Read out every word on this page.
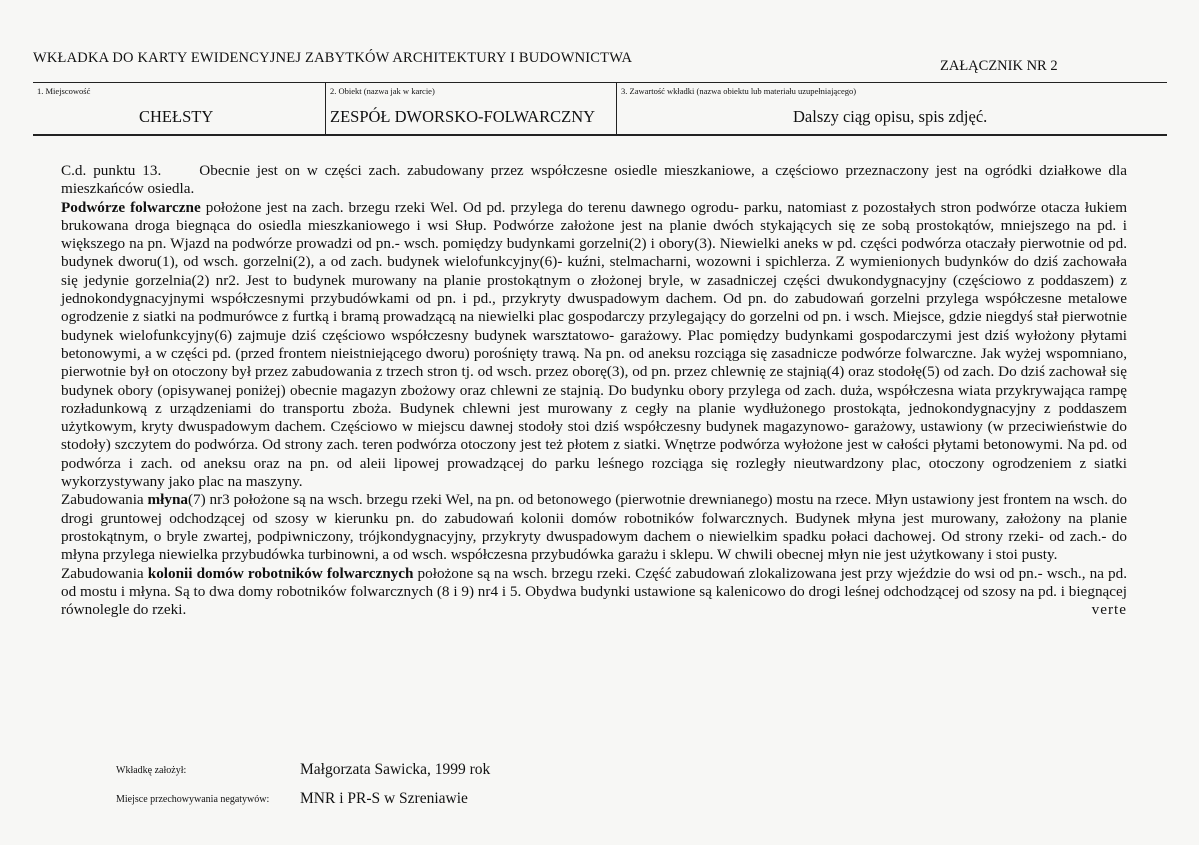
WKŁADKA DO KARTY EWIDENCYJNEJ ZABYTKÓW ARCHITEKTURY I BUDOWNICTWA	ZAŁĄCZNIK NR 2
1. Miejscowość
CHEŁSTY
2. Obiekt (nazwa jak w karcie)
ZESPÓŁ DWORSKO-FOLWARCZNY
3. Zawartość wkładki (nazwa obiektu lub materiału uzupełniającego)
Dalszy ciąg opisu, spis zdjęć.

C.d. punktu 13.	Obecnie jest on w części zach. zabudowany przez współczesne osiedle mieszkaniowe, a częściowo przeznaczony jest na ogródki działkowe dla mieszkańców osiedla.

Podwórze folwarczne położone jest na zach. brzegu rzeki Wel. Od pd. przylega do terenu dawnego ogrodu- parku, natomiast z pozostałych stron podwórze otacza łukiem brukowana droga biegnąca do osiedla mieszkaniowego i wsi Słup. Podwórze założone jest na planie dwóch stykających się ze sobą prostokątów, mniejszego na pd. i większego na pn. Wjazd na podwórze prowadzi od pn.- wsch. pomiędzy budynkami gorzelni(2) i obory(3). Niewielki aneks w pd. części podwórza otaczały pierwotnie od pd. budynek dworu(1), od wsch. gorzelni(2), a od zach. budynek wielofunkcyjny(6)- kuźni, stelmacharni, wozowni i spichlerza. Z wymienionych budynków do dziś zachowała się jedynie gorzelnia(2) nr2. Jest to budynek murowany na planie prostokątnym o złożonej bryle, w zasadniczej części dwukondygnacyjny (częściowo z poddaszem) z jednokondygnacyjnymi współczesnymi przybudówkami od pn. i pd., przykryty dwuspadowym dachem. Od pn. do zabudowań gorzelni przylega współczesne metalowe ogrodzenie z siatki na podmurówce z furtką i bramą prowadzącą na niewielki plac gospodarczy przylegający do gorzelni od pn. i wsch. Miejsce, gdzie niegdyś stał pierwotnie budynek wielofunkcyjny(6) zajmuje dziś częściowo współczesny budynek warsztatowo- garażowy. Plac pomiędzy budynkami gospodarczymi jest dziś wyłożony płytami betonowymi, a w części pd. (przed frontem nieistniejącego dworu) porośnięty trawą. Na pn. od aneksu rozciąga się zasadnicze podwórze folwarczne. Jak wyżej wspomniano, pierwotnie był on otoczony był przez zabudowania z trzech stron tj. od wsch. przez oborę(3), od pn. przez chlewnię ze stajnią(4) oraz stodołę(5) od zach. Do dziś zachował się budynek obory (opisywanej poniżej) obecnie magazyn zbożowy oraz chlewni ze stajnią. Do budynku obory przylega od zach. duża, współczesna wiata przykrywająca rampę rozładunkową z urządzeniami do transportu zboża. Budynek chlewni jest murowany z cegły na planie wydłużonego prostokąta, jednokondygnacyjny z poddaszem użytkowym, kryty dwuspadowym dachem. Częściowo w miejscu dawnej stodoły stoi dziś współczesny budynek magazynowo- garażowy, ustawiony (w przeciwieństwie do stodoły) szczytem do podwórza. Od strony zach. teren podwórza otoczony jest też płotem z siatki. Wnętrze podwórza wyłożone jest w całości płytami betonowymi. Na pd. od podwórza i zach. od aneksu oraz na pn. od aleii lipowej prowadzącej do parku leśnego rozciąga się rozległy nieutwardzony plac, otoczony ogrodzeniem z siatki wykorzystywany jako plac na maszyny.

Zabudowania młyna(7) nr3 położone są na wsch. brzegu rzeki Wel, na pn. od betonowego (pierwotnie drewnianego) mostu na rzece. Młyn ustawiony jest frontem na wsch. do drogi gruntowej odchodzącej od szosy w kierunku pn. do zabudowań kolonii domów robotników folwarcznych. Budynek młyna jest murowany, założony na planie prostokątnym, o bryle zwartej, podpiwniczony, trójkondygnacyjny, przykryty dwuspadowym dachem o niewielkim spadku połaci dachowej. Od strony rzeki- od zach.- do młyna przylega niewielka przybudówka turbinowni, a od wsch. współczesna przybudówka garażu i sklepu. W chwili obecnej młyn nie jest użytkowany i stoi pusty.

Zabudowania kolonii domów robotników folwarcznych położone są na wsch. brzegu rzeki. Część zabudowań zlokalizowana jest przy wjeździe do wsi od pn.- wsch., na pd. od mostu i młyna. Są to dwa domy robotników folwarcznych (8 i 9) nr4 i 5. Obydwa budynki ustawione są kalenicowo do drogi leśnej odchodzącej od szosy na pd. i biegnącej równolegle do rzeki.	verte

Wkładkę założył:	Małgorzata Sawicka, 1999 rok
Miejsce przechowywania negatywów: MNR i PR-S w Szreniawie
